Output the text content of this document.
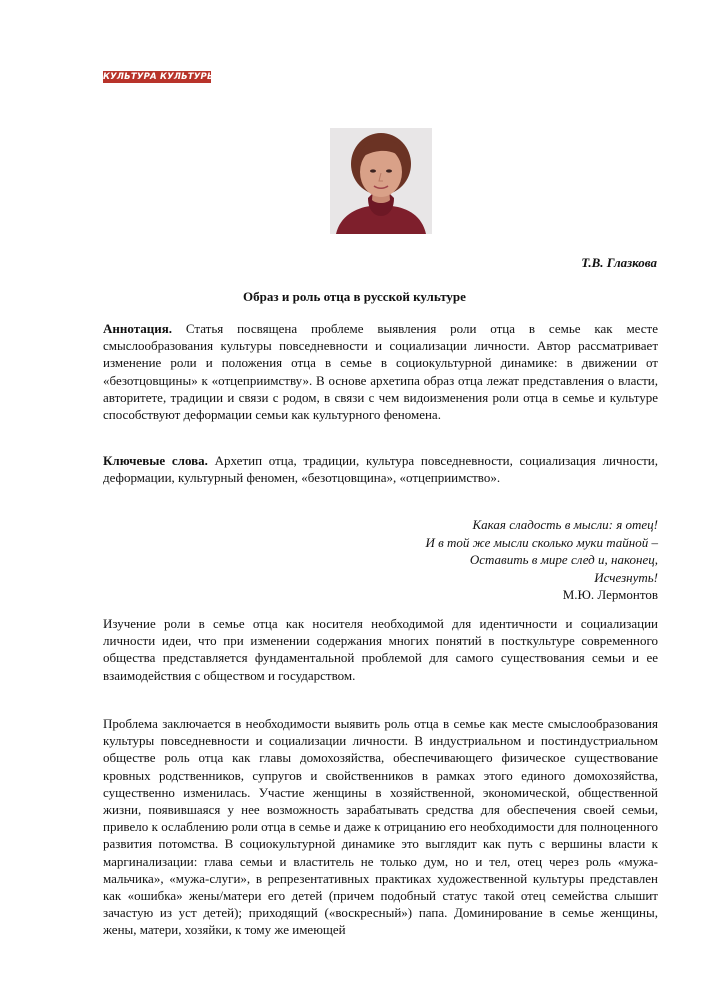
КУЛЬТУРА КУЛЬТУРЫ. 2016
Т.В. Глазкова
Образ и роль отца в русской культуре
Аннотация. Статья посвящена проблеме выявления роли отца в семье как месте смыслообразования культуры повседневности и социализации личности. Автор рассматривает изменение роли и положения отца в семье в социокультурной динамике: в движении от «безотцовщины» к «отцеприимству». В основе архетипа образ отца лежат представления о власти, авторитете, традиции и связи с родом, в связи с чем видоизменения роли отца в семье и культуре способствуют деформации семьи как культурного феномена.
Ключевые слова. Архетип отца, традиции, культура повседневности, социализация личности, деформации, культурный феномен, «безотцовщина», «отцеприимство».
Какая сладость в мысли: я отец!
И в той же мысли сколько муки тайной –
Оставить в мире след и, наконец,
Исчезнуть!
М.Ю. Лермонтов
Изучение роли в семье отца как носителя необходимой для идентичности и социализации личности идеи, что при изменении содержания многих понятий в посткультуре современного общества представляется фундаментальной проблемой для самого существования семьи и ее взаимодействия с обществом и государством.
Проблема заключается в необходимости выявить роль отца в семье как месте смыслообразования культуры повседневности и социализации личности. В индустриальном и постиндустриальном обществе роль отца как главы домохозяйства, обеспечивающего физическое существование кровных родственников, супругов и свойственников в рамках этого единого домохозяйства, существенно изменилась. Участие женщины в хозяйственной, экономической, общественной жизни, появившаяся у нее возможность зарабатывать средства для обеспечения своей семьи, привело к ослаблению роли отца в семье и даже к отрицанию его необходимости для полноценного развития потомства. В социокультурной динамике это выглядит как путь с вершины власти к маргинализации: глава семьи и властитель не только дум, но и тел, отец через роль «мужа-мальчика», «мужа-слуги», в репрезентативных практиках художественной культуры представлен как «ошибка» жены/матери его детей (причем подобный статус такой отец семейства слышит зачастую из уст детей); приходящий («воскресный») папа. Доминирование в семье женщины, жены, матери, хозяйки, к тому же имеющей
